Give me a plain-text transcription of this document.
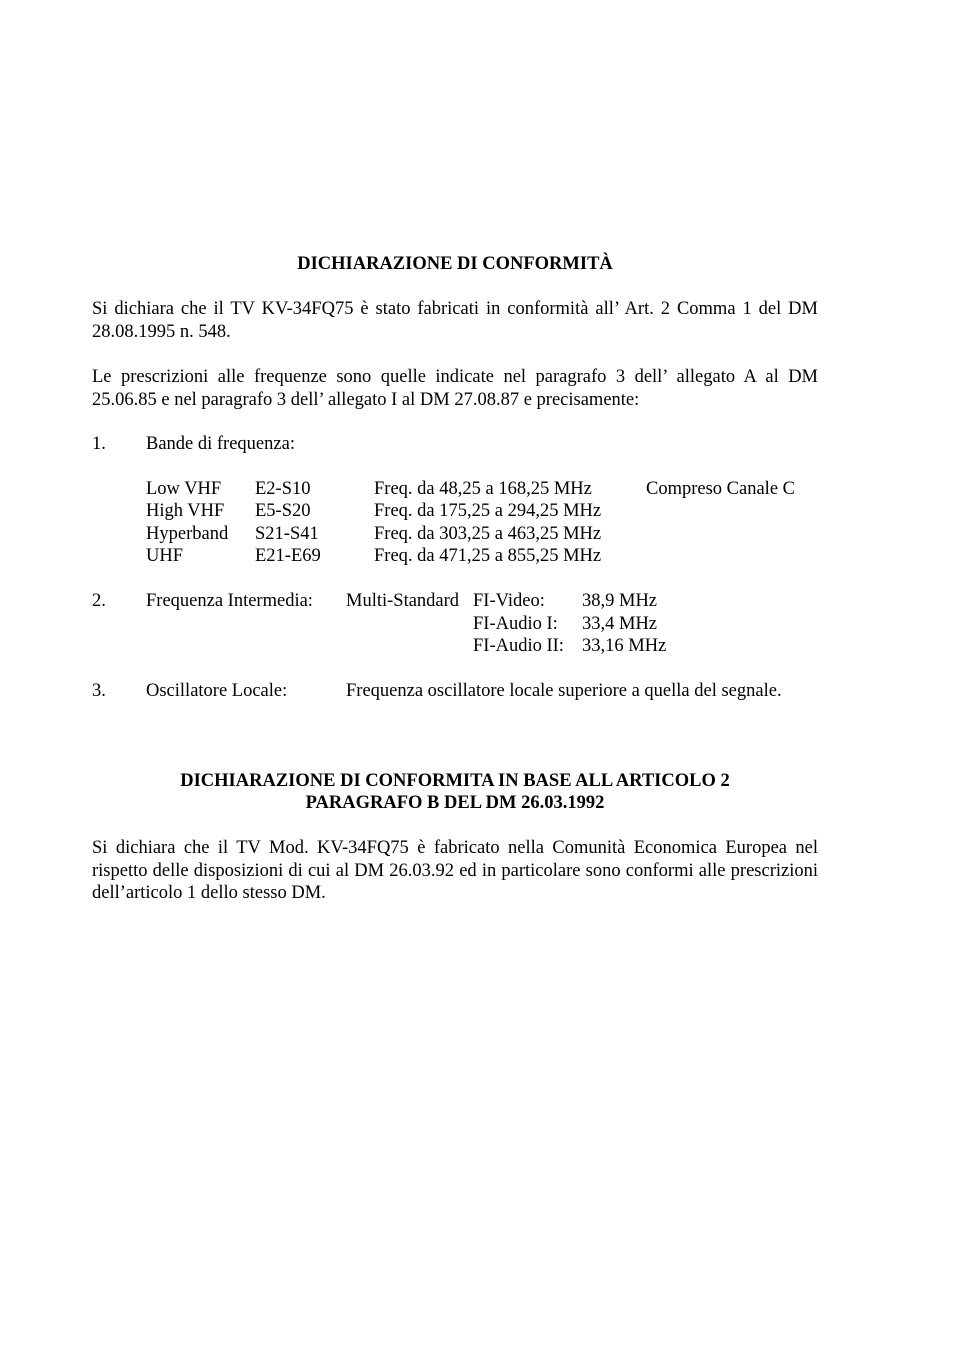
DICHIARAZIONE DI CONFORMITÀ
Si dichiara che il TV KV-34FQ75 è stato fabricati in conformità all’ Art. 2 Comma 1 del DM 28.08.1995 n. 548.
Le prescrizioni alle frequenze sono quelle indicate nel paragrafo 3 dell’ allegato A al DM 25.06.85 e nel paragrafo 3 dell’ allegato I al DM 27.08.87 e precisamente:
1. Bande di frequenza:
Low VHF E2-S10	Freq. da 48,25 a 168,25 MHz	Compreso Canale C
High VHF E5-S20	Freq. da 175,25 a 294,25 MHz
Hyperband S21-S41	Freq. da 303,25 a 463,25 MHz
UHF	E21-E69	Freq. da 471,25 a 855,25 MHz
2. Frequenza Intermedia: Multi-Standard FI-Video: 38,9 MHz
FI-Audio I: 33,4 MHz
FI-Audio II: 33,16 MHz
3. Oscillatore Locale:	Frequenza oscillatore locale superiore a quella del segnale.
DICHIARAZIONE DI CONFORMITA IN BASE ALL ARTICOLO 2
PARAGRAFO B DEL DM 26.03.1992
Si dichiara che il TV Mod. KV-34FQ75 è fabricato nella Comunità Economica Europea nel rispetto delle disposizioni di cui al DM 26.03.92 ed in particolare sono conformi alle prescrizioni dell’articolo 1 dello stesso DM.
